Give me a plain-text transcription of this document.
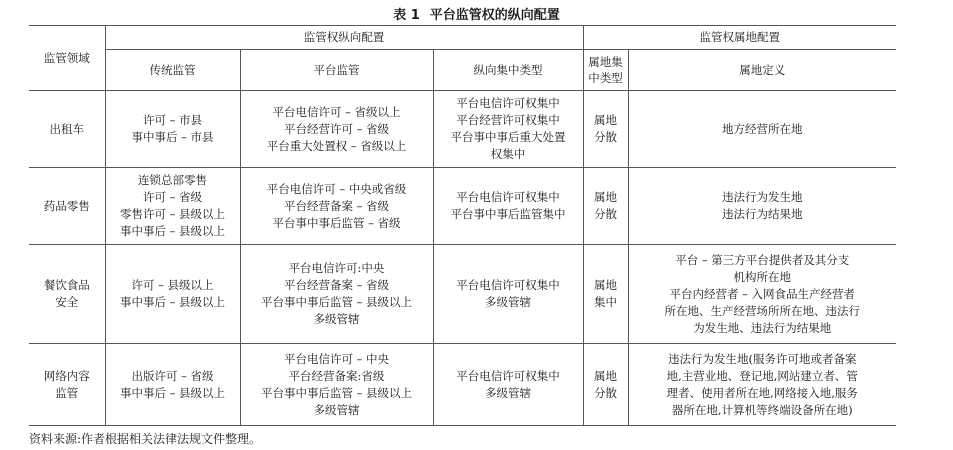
表 1 平台监管权的纵向配置
监管领域	监管权纵向配置			监管权属地配置	
	传统监管	平台监管	纵向集中类型	属地集中类型	属地定义

出租车	许可 – 市县
事中事后 – 市县	平台电信许可 – 省级以上
平台经营许可 – 省级
平台重大处置权 – 省级以上	平台电信许可权集中
平台经营许可权集中
平台事中事后重大处置
权集中	属地
分散	地方经营所在地

药品零售	连锁总部零售
许可 – 省级
零售许可 – 县级以上
事中事后 – 县级以上	平台电信许可 – 中央或省级
平台经营备案 – 省级
平台事中事后监管 – 省级	平台电信许可权集中
平台事中事后监管集中	属地
分散	违法行为发生地
违法行为结果地

餐饮食品
安全	许可 – 县级以上
事中事后 – 县级以上	平台电信许可:中央
平台经营备案 – 省级
平台事中事后监管 – 县级以上
多级管辖	平台电信许可权集中
多级管辖	属地
集中	平台 – 第三方平台提供者及其分支
机构所在地
平台内经营者 – 入网食品生产经营者
所在地、生产经营场所所在地、违法行
为发生地、违法行为结果地

网络内容
监管	出版许可 – 省级
事中事后 – 县级以上	平台电信许可 – 中央
平台经营备案:省级
平台事中事后监管 – 县级以上
多级管辖	平台电信许可权集中
多级管辖	属地
分散	违法行为发生地(服务许可地或者备案
地,主营业地、登记地,网站建立者、管
理者、使用者所在地,网络接入地,服务
器所在地,计算机等终端设备所在地)
资料来源:作者根据相关法律法规文件整理。
